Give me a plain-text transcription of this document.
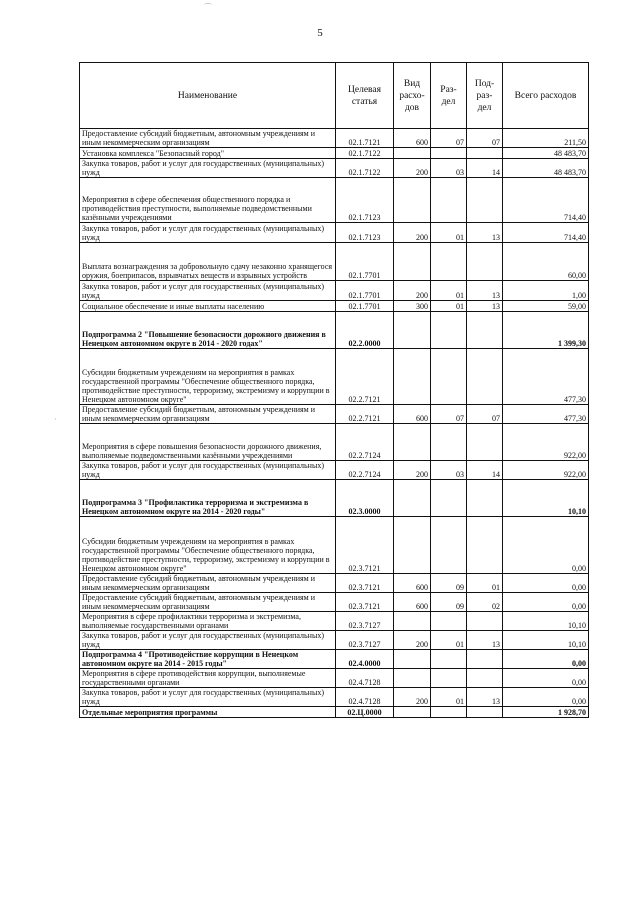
5
⌒
·
Наименование	Целевая статья	Вид расхо- дов	Раз- дел	Под- раз- дел	Всего расходов
Предоставление субсидий бюджетным, автономным учреждениям и иным некоммерческим организациям	02.1.7121	600	07	07	211,50
Установка комплекса "Безопасный город"	02.1.7122				48 483,70
Закупка товаров, работ и услуг для государственных (муниципальных) нужд	02.1.7122	200	03	14	48 483,70
Мероприятия в сфере обеспечения общественного порядка и противодействия преступности, выполняемые подведомственными казёнными учреждениями	02.1.7123				714,40
Закупка товаров, работ и услуг для государственных (муниципальных) нужд	02.1.7123	200	01	13	714,40
Выплата вознаграждения за добровольную сдачу незаконно хранящегося оружия, боеприпасов, взрывчатых веществ и взрывных устройств	02.1.7701				60,00
Закупка товаров, работ и услуг для государственных (муниципальных) нужд	02.1.7701	200	01	13	1,00
Социальное обеспечение и иные выплаты населению	02.1.7701	300	01	13	59,00
Подпрограмма 2 "Повышение безопасности дорожного движения в Ненецком автономном округе в 2014 - 2020 годах"	02.2.0000				1 399,30
Субсидии бюджетным учреждениям на мероприятия в рамках государственной программы "Обеспечение общественного порядка, противодействие преступности, терроризму, экстремизму и коррупции в Ненецком автономном округе"	02.2.7121				477,30
Предоставление субсидий бюджетным, автономным учреждениям и иным некоммерческим организациям	02.2.7121	600	07	07	477,30
Мероприятия в сфере повышения безопасности дорожного движения, выполняемые подведомственными казёнными учреждениями	02.2.7124				922,00
Закупка товаров, работ и услуг для государственных (муниципальных) нужд	02.2.7124	200	03	14	922,00
Подпрограмма 3 "Профилактика терроризма и экстремизма в Ненецком автономном округе на 2014 - 2020 годы"	02.3.0000				10,10
Субсидии бюджетным учреждениям на мероприятия в рамках государственной программы "Обеспечение общественного порядка, противодействие преступности, терроризму, экстремизму и коррупции в Ненецком автономном округе"	02.3.7121				0,00
Предоставление субсидий бюджетным, автономным учреждениям и иным некоммерческим организациям	02.3.7121	600	09	01	0,00
Предоставление субсидий бюджетным, автономным учреждениям и иным некоммерческим организациям	02.3.7121	600	09	02	0,00
Мероприятия в сфере профилактики терроризма и экстремизма, выполняемые государственными органами	02.3.7127				10,10
Закупка товаров, работ и услуг для государственных (муниципальных) нужд	02.3.7127	200	01	13	10,10
Подпрограмма 4 "Противодействие коррупции в Ненецком автономном округе на 2014 - 2015 годы"	02.4.0000				0,00
Мероприятия в сфере противодействия коррупции, выполняемые государственными органами	02.4.7128				0,00
Закупка товаров, работ и услуг для государственных (муниципальных) нужд	02.4.7128	200	01	13	0,00
Отдельные мероприятия программы	02.Ц.0000				1 928,70
